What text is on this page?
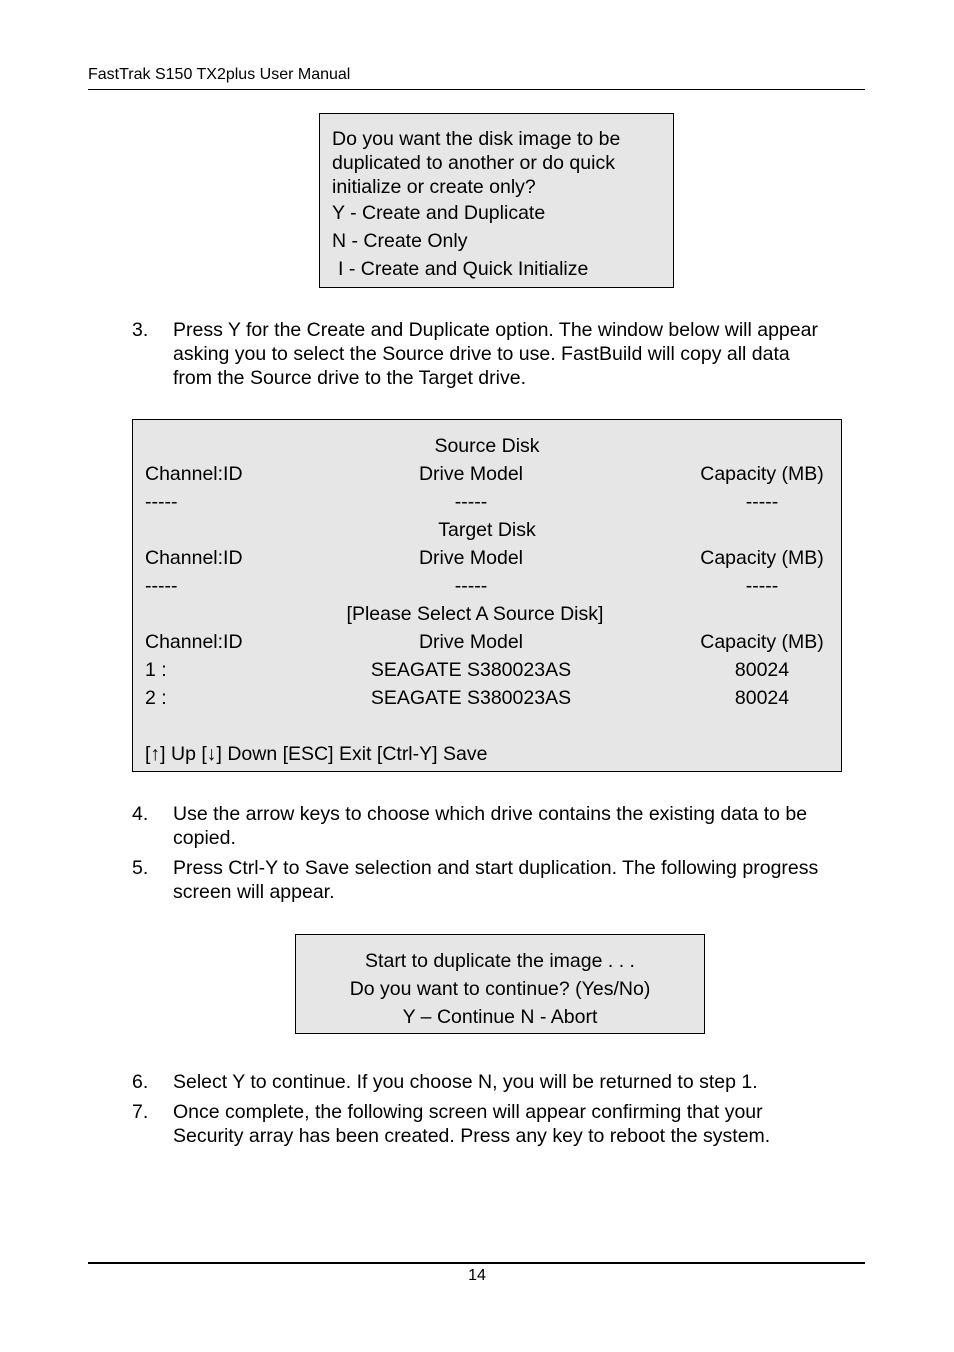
FastTrak S150 TX2plus User Manual
Do you want the disk image to be
duplicated to another or do quick
initialize or create only?
Y - Create and Duplicate
N - Create Only
I - Create and Quick Initialize
3.	Press Y for the Create and Duplicate option. The window below will appear
asking you to select the Source drive to use. FastBuild will copy all data
from the Source drive to the Target drive.
Source Disk
Channel:ID	Drive Model	Capacity (MB)
-----	-----	-----
Target Disk
Channel:ID	Drive Model	Capacity (MB)
-----	-----	-----
[Please Select A Source Disk]
Channel:ID	Drive Model	Capacity (MB)
1 :	SEAGATE S380023AS	80024
2 :	SEAGATE S380023AS	80024
[↑] Up [↓] Down [ESC] Exit [Ctrl-Y] Save
4.	Use the arrow keys to choose which drive contains the existing data to be
copied.
5.	Press Ctrl-Y to Save selection and start duplication. The following progress
screen will appear.
Start to duplicate the image . . .
Do you want to continue? (Yes/No)
Y – Continue N - Abort
6.	Select Y to continue. If you choose N, you will be returned to step 1.
7.	Once complete, the following screen will appear confirming that your
Security array has been created. Press any key to reboot the system.
14
